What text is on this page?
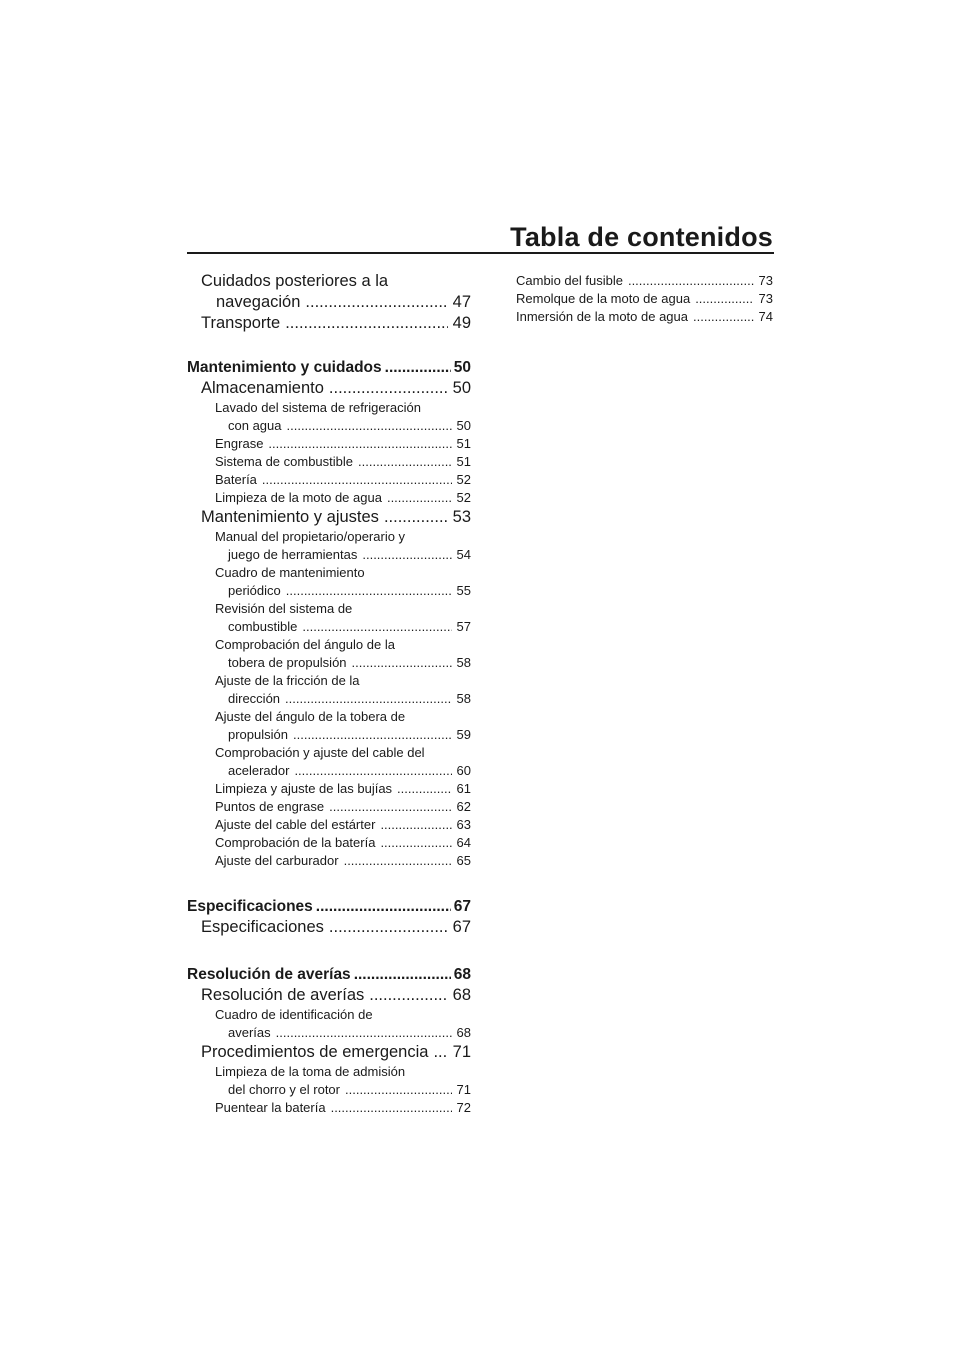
Tabla de contenidos
Cuidados posteriores a la
navegación .....	47
Transporte .....	49
Mantenimiento y cuidados .....	50
Almacenamiento .....	50
Lavado del sistema de refrigeración
con agua .....	50
Engrase .....	51
Sistema de combustible .....	51
Batería .....	52
Limpieza de la moto de agua .....	52
Mantenimiento y ajustes .....	53
Manual del propietario/operario y
juego de herramientas .....	54
Cuadro de mantenimiento
periódico .....	55
Revisión del sistema de
combustible .....	57
Comprobación del ángulo de la
tobera de propulsión .....	58
Ajuste de la fricción de la
dirección .....	58
Ajuste del ángulo de la tobera de
propulsión .....	59
Comprobación y ajuste del cable del
acelerador .....	60
Limpieza y ajuste de las bujías .....	61
Puntos de engrase .....	62
Ajuste del cable del estárter .....	63
Comprobación de la batería .....	64
Ajuste del carburador .....	65
Especificaciones .....	67
Especificaciones .....	67
Resolución de averías .....	68
Resolución de averías .....	68
Cuadro de identificación de
averías .....	68
Procedimientos de emergencia ..... 71
Limpieza de la toma de admisión
del chorro y el rotor .....	71
Puentear la batería .....	72
Cambio del fusible .....	73
Remolque de la moto de agua .....	73
Inmersión de la moto de agua .....	74
